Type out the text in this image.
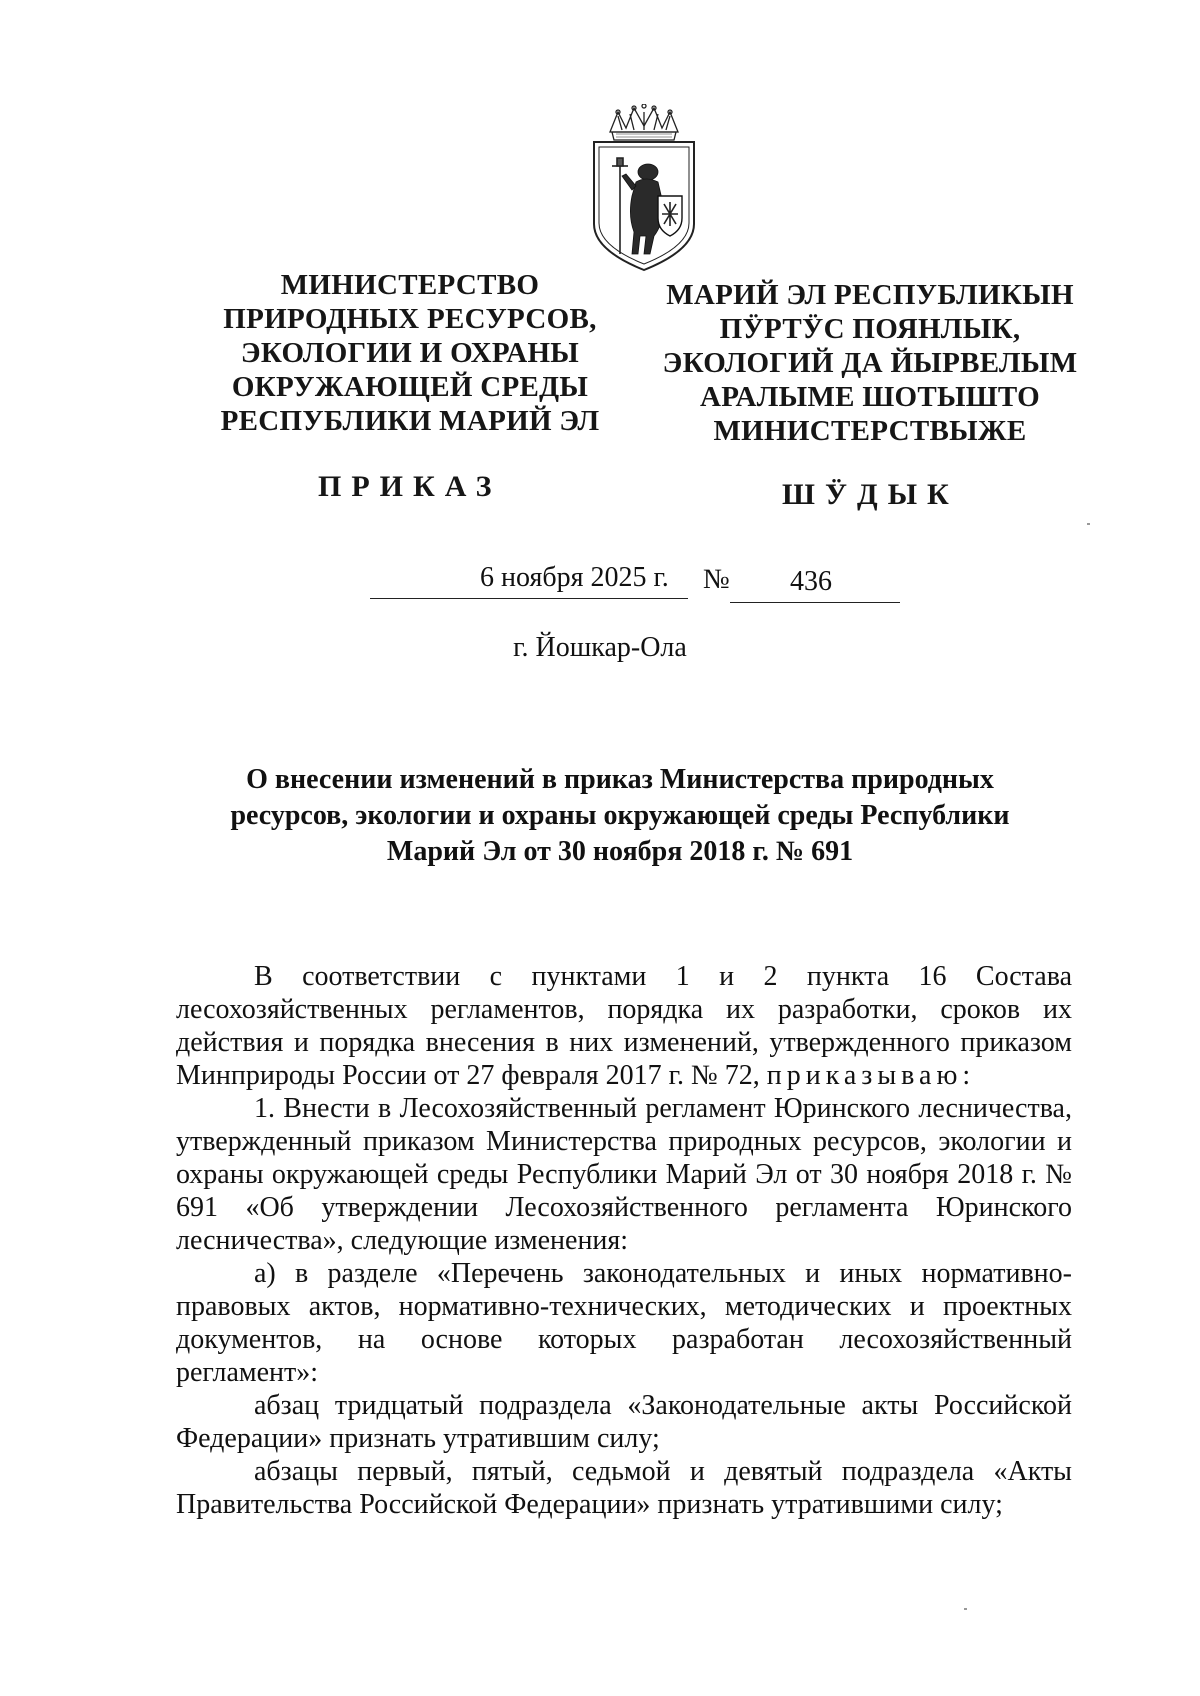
МИНИСТЕРСТВО
ПРИРОДНЫХ РЕСУРСОВ,
ЭКОЛОГИИ И ОХРАНЫ
ОКРУЖАЮЩЕЙ СРЕДЫ
РЕСПУБЛИКИ МАРИЙ ЭЛ
МАРИЙ ЭЛ РЕСПУБЛИКЫН
ПӰРТӰС ПОЯНЛЫК,
ЭКОЛОГИЙ ДА ЙЫРВЕЛЫМ
АРАЛЫМЕ ШОТЫШТО
МИНИСТЕРСТВЫЖЕ
ПРИКАЗ	ШӰДЫК
6 ноября 2025 г. № 436
г. Йошкар-Ола
О внесении изменений в приказ Министерства природных ресурсов, экологии и охраны окружающей среды Республики Марий Эл от 30 ноября 2018 г. № 691

В соответствии с пунктами 1 и 2 пункта 16 Состава лесохозяйственных регламентов, порядка их разработки, сроков их действия и порядка внесения в них изменений, утвержденного приказом Минприроды России от 27 февраля 2017 г. № 72, приказываю:

1. Внести в Лесохозяйственный регламент Юринского лесничества, утвержденный приказом Министерства природных ресурсов, экологии и охраны окружающей среды Республики Марий Эл от 30 ноября 2018 г. № 691 «Об утверждении Лесохозяйственного регламента Юринского лесничества», следующие изменения:

а) в разделе «Перечень законодательных и иных нормативно-правовых актов, нормативно-технических, методических и проектных документов, на основе которых разработан лесохозяйственный регламент»:

абзац тридцатый подраздела «Законодательные акты Российской Федерации» признать утратившим силу;

абзацы первый, пятый, седьмой и девятый подраздела «Акты Правительства Российской Федерации» признать утратившими силу;
